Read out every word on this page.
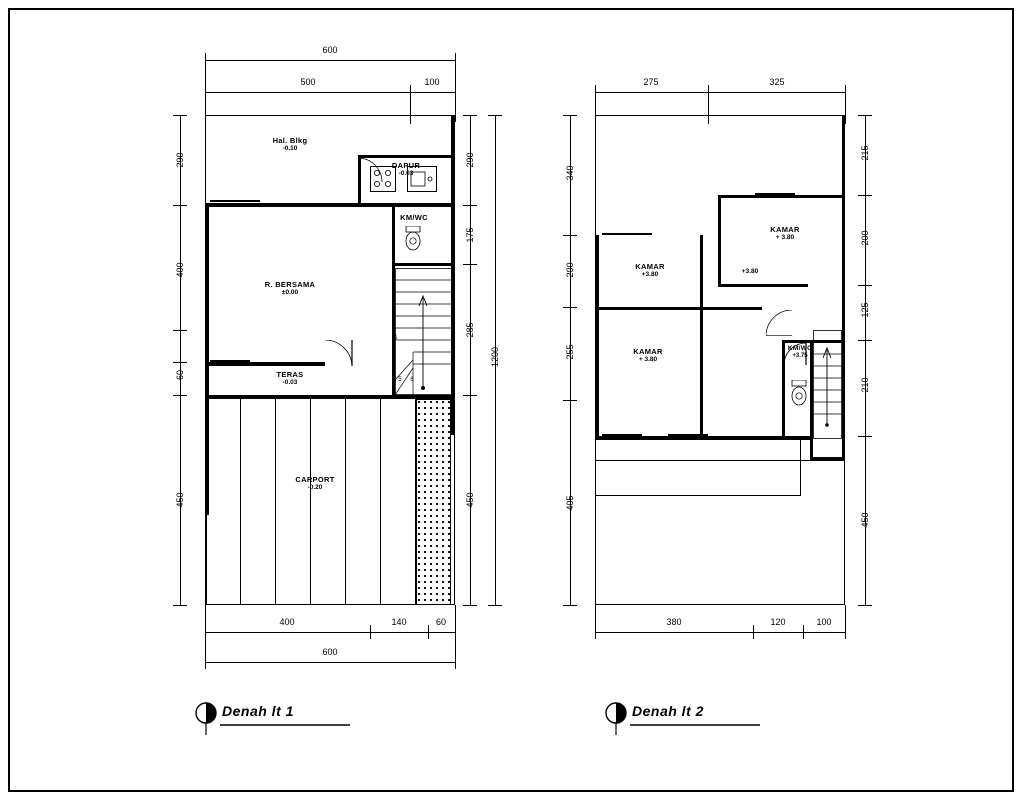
600
500	100
KM/WC
1
5	6
Hal. Blkg
-0.10
DAPUR
-0.03
R. BERSAMA
±0.00
TERAS
-0.03
CARPORT
-0.20
290
400
60
450
290
175
285
450
1200
400	140	60
600
Denah lt 1
275	325
KAMAR
+ 3.80
KAMAR
+3.80	+3.80
KAMAR
+ 3.80
KM/WC
+3.75
340
200
255
405
215
200
125
210
450
380	120	100
Denah lt 2
